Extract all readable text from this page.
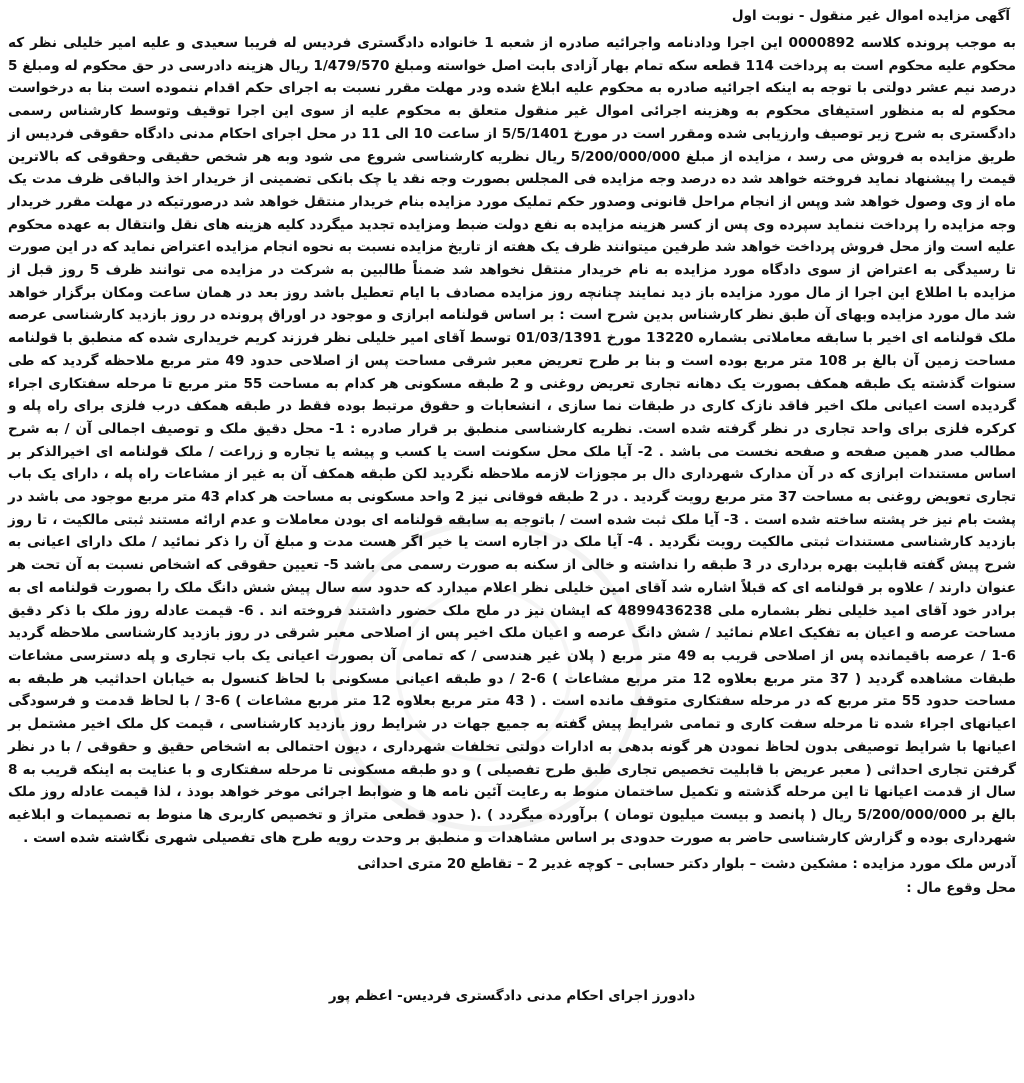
آگهی مزایده اموال غیر منقول - نوبت اول

به موجب پرونده کلاسه 0000892 این اجرا ودادنامه واجرائیه صادره از شعبه 1 خانواده دادگستری فردیس له فریبا سعیدی و علیه امیر خلیلی نظر که محکوم علیه محکوم است به پرداخت 114 قطعه سکه تمام بهار آزادی بابت اصل خواسته ومبلغ 1/479/570 ریال هزینه دادرسی در حق محکوم له ومبلغ 5 درصد نیم عشر دولتی با توجه به اینکه اجرائیه صادره به محکوم علیه ابلاغ شده ودر مهلت مقرر نسبت به اجرای حکم اقدام ننموده است بنا به درخواست محکوم له به منظور استیفای محکوم به وهزینه اجرائی اموال غیر منقول متعلق به محکوم علیه از سوی این اجرا توقیف وتوسط کارشناس رسمی دادگستری به شرح زیر توصیف وارزیابی شده ومقرر است در مورخ 5/5/1401 از ساعت 10 الی 11 در محل اجرای احکام مدنی دادگاه حقوقی فردیس از طریق مزایده به فروش می رسد ، مزایده از مبلغ 5/200/000/000 ریال نظریه کارشناسی شروع می شود وبه هر شخص حقیقی وحقوقی که بالاترین قیمت را پیشنهاد نماید فروخته خواهد شد ده درصد وجه مزایده فی المجلس بصورت وجه نقد یا چک بانکی تضمینی از خریدار اخذ والباقی ظرف مدت یک ماه از وی وصول خواهد شد وپس از انجام مراحل قانونی وصدور حکم تملیک مورد مزایده بنام خریدار منتقل خواهد شد درصورتیکه در مهلت مقرر خریدار وجه مزایده را پرداخت ننماید سپرده وی پس از کسر هزینه مزایده به نفع دولت ضبط ومزایده تجدید میگردد کلیه هزینه های نقل وانتقال به عهده محکوم علیه است واز محل فروش پرداخت خواهد شد طرفین میتوانند ظرف یک هفته از تاریخ مزایده نسبت به نحوه انجام مزایده اعتراض نماید که در این صورت تا رسیدگی به اعتراض از سوی دادگاه مورد مزایده به نام خریدار منتقل نخواهد شد ضمناً طالبین به شرکت در مزایده می توانند ظرف 5 روز قبل از مزایده با اطلاع این اجرا از مال مورد مزایده باز دید نمایند چنانچه روز مزایده مصادف با ایام تعطیل باشد روز بعد در همان ساعت ومکان برگزار خواهد شد مال مورد مزایده وبهای آن طبق نظر کارشناس بدین شرح است : بر اساس قولنامه ابرازی و موجود در اوراق پرونده در روز بازدید کارشناسی عرصه ملک قولنامه ای اخیر با سابقه معاملاتی بشماره 13220 مورخ 01/03/1391 توسط آقای امیر خلیلی نظر فرزند کریم خریداری شده که منطبق با قولنامه مساحت زمین آن بالغ بر 108 متر مربع بوده است و بنا بر طرح تعریض معبر شرقی مساحت پس از اصلاحی حدود 49 متر مربع ملاحظه گردید که طی سنوات گذشته یک طبقه همکف بصورت یک دهانه تجاری تعریض روغنی و 2 طبقه مسکونی هر کدام به مساحت 55 متر مربع تا مرحله سفتکاری اجراء گردیده است اعیانی ملک اخیر فاقد نازک کاری در طبقات نما سازی ، انشعابات و حقوق مرتبط بوده فقط در طبقه همکف درب فلزی برای راه پله و کرکره فلزی برای واحد تجاری در نظر گرفته شده است. نظریه کارشناسی منطبق بر قرار صادره : 1- محل دقیق ملک و توصیف اجمالی آن / به شرح مطالب صدر همین صفحه و صفحه نخست می باشد . 2- آیا ملک محل سکونت است یا کسب و پیشه یا تجاره و زراعت / ملک قولنامه ای اخیرالذکر بر اساس مستندات ابرازی که در آن مدارک شهرداری دال بر مجوزات لازمه ملاحظه نگردید لکن طبقه همکف آن به غیر از مشاعات راه پله ، دارای یک باب تجاری تعویض روغنی به مساحت 37 متر مربع رویت گردید . در 2 طبقه فوقانی نیز 2 واحد مسکونی به مساحت هر کدام 43 متر مربع موجود می باشد در پشت بام نیز خر پشته ساخته شده است . 3- آیا ملک ثبت شده است / باتوجه به سابقه قولنامه ای بودن معاملات و عدم ارائه مستند ثبتی مالکیت ، تا روز بازدید کارشناسی مستندات ثبتی مالکیت رویت نگردید . 4- آیا ملک در اجاره است یا خیر اگر هست مدت و مبلغ آن را ذکر نمائید / ملک دارای اعیانی به شرح پیش گفته قابلیت بهره برداری در 3 طبقه را نداشته و خالی از سکنه به صورت رسمی می باشد 5- تعیین حقوقی که اشخاص نسبت به آن تحت هر عنوان دارند / علاوه بر قولنامه ای که قبلاً اشاره شد آقای امین خلیلی نظر اعلام میدارد که حدود سه سال پیش شش دانگ ملک را بصورت قولنامه ای به برادر خود آقای امید خلیلی نظر بشماره ملی 4899436238 که ایشان نیز در ملح ملک حضور داشتند فروخته اند . 6- قیمت عادله روز ملک با ذکر دقیق مساحت عرصه و اعیان به تفکیک اعلام نمائید / شش دانگ عرصه و اعیان ملک اخیر پس از اصلاحی معبر شرقی در روز بازدید کارشناسی ملاحظه گردید 6-1 / عرصه باقیمانده پس از اصلاحی قریب به 49 متر مربع ( پلان غیر هندسی / که تمامی آن بصورت اعیانی یک باب تجاری و پله دسترسی مشاعات طبقات مشاهده گردید ( 37 متر مربع بعلاوه 12 متر مربع مشاعات ) 6-2 / دو طبقه اعیانی مسکونی با لحاظ کنسول به خیابان احداثیب هر طبقه به مساحت حدود 55 متر مربع که در مرحله سفتکاری متوقف مانده است . ( 43 متر مربع بعلاوه 12 متر مربع مشاعات ) 6-3 / با لحاظ قدمت و فرسودگی اعیانهای اجراء شده تا مرحله سفت کاری و تمامی شرایط پیش گفته به جمیع جهات در شرایط روز بازدید کارشناسی ، قیمت کل ملک اخیر مشتمل بر اعیانها با شرایط توصیفی بدون لحاظ نمودن هر گونه بدهی به ادارات دولتی تخلفات شهرداری ، دیون احتمالی به اشخاص حقیق و حقوقی / با در نظر گرفتن تجاری احداثی ( معبر عریض با قابلیت تخصیص تجاری طبق طرح تفصیلی ) و دو طبقه مسکونی تا مرحله سفتکاری و با عنایت به اینکه قریب به 8 سال از قدمت اعیانها تا این مرحله گذشته و تکمیل ساختمان منوط به رعایت آئین نامه ها و ضوابط اجرائی موخر خواهد بودذ ، لذا قیمت عادله روز ملک بالغ بر 5/200/000/000 ریال ( پانصد و بیست میلیون تومان ) برآورده میگردد ) .( حدود قطعی متراژ و تخصیص کاربری ها منوط به تصمیمات و ابلاغیه شهرداری بوده و گزارش کارشناسی حاضر به صورت حدودی بر اساس مشاهدات و منطبق بر وحدت رویه طرح های تفصیلی شهری نگاشته شده است .

آدرس ملک مورد مزایده : مشکین دشت – بلوار دکتر حسابی – کوچه غدیر 2 – تقاطع 20 متری احداثی
محل وقوع مال :
دادورز اجرای احکام مدنی دادگستری فردیس- اعظم پور
